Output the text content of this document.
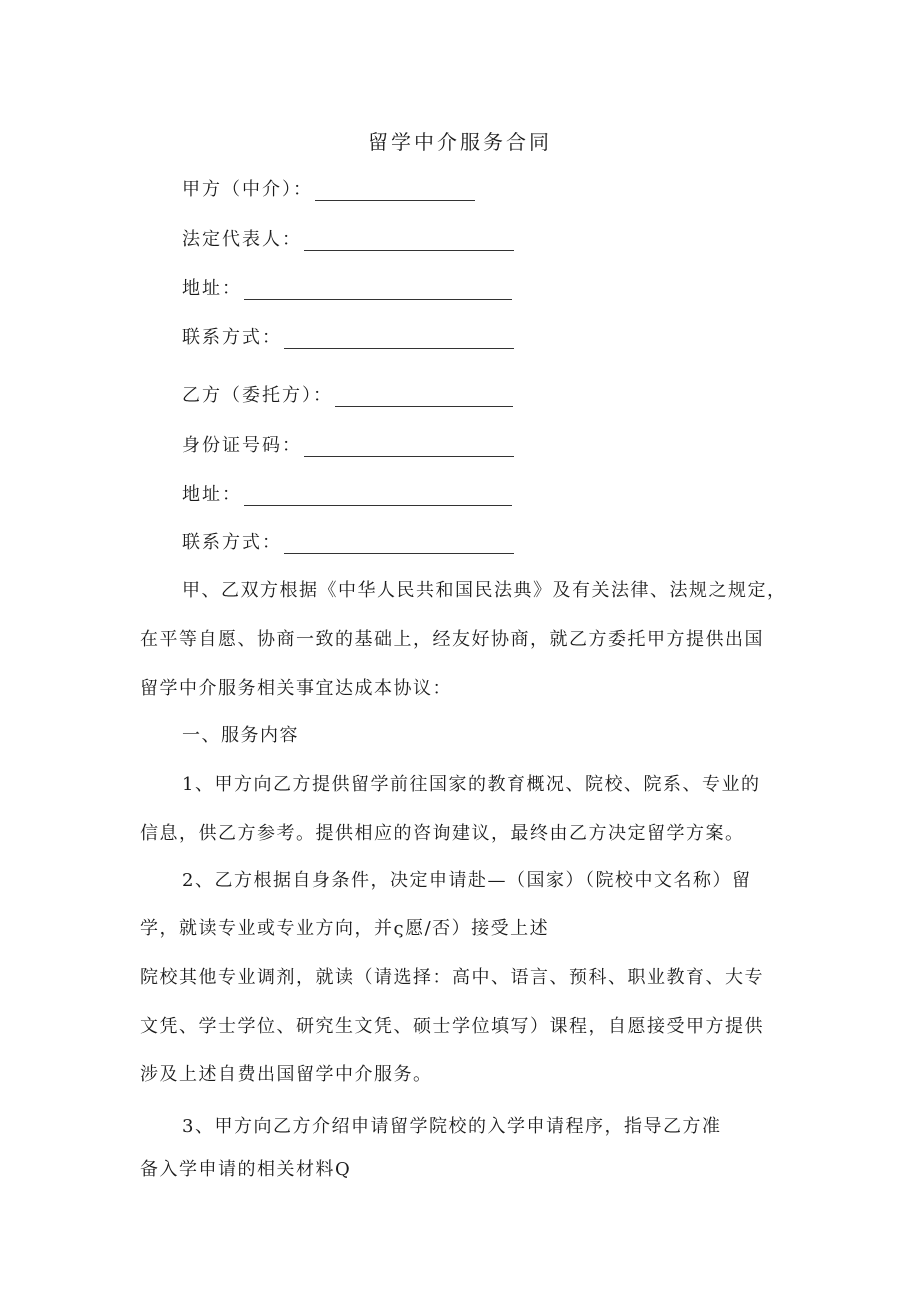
留学中介服务合同
甲方（中介）：
法定代表人：
地址：
联系方式：
乙方（委托方）：
身份证号码：
地址：
联系方式：
甲、乙双方根据《中华人民共和国民法典》及有关法律、法规之规定，
在平等自愿、协商一致的基础上，经友好协商，就乙方委托甲方提供出国
留学中介服务相关事宜达成本协议：
一、服务内容
1、甲方向乙方提供留学前往国家的教育概况、院校、院系、专业的
信息，供乙方参考。提供相应的咨询建议，最终由乙方决定留学方案。
2、乙方根据自身条件，决定申请赴—（国家）（院校中文名称）留
学，就读专业或专业方向，并ς愿/否）接受上述
院校其他专业调剂，就读（请选择：高中、语言、预科、职业教育、大专
文凭、学士学位、研究生文凭、硕士学位填写）课程，自愿接受甲方提供
涉及上述自费出国留学中介服务。
3、甲方向乙方介绍申请留学院校的入学申请程序，指导乙方准
备入学申请的相关材料Q
